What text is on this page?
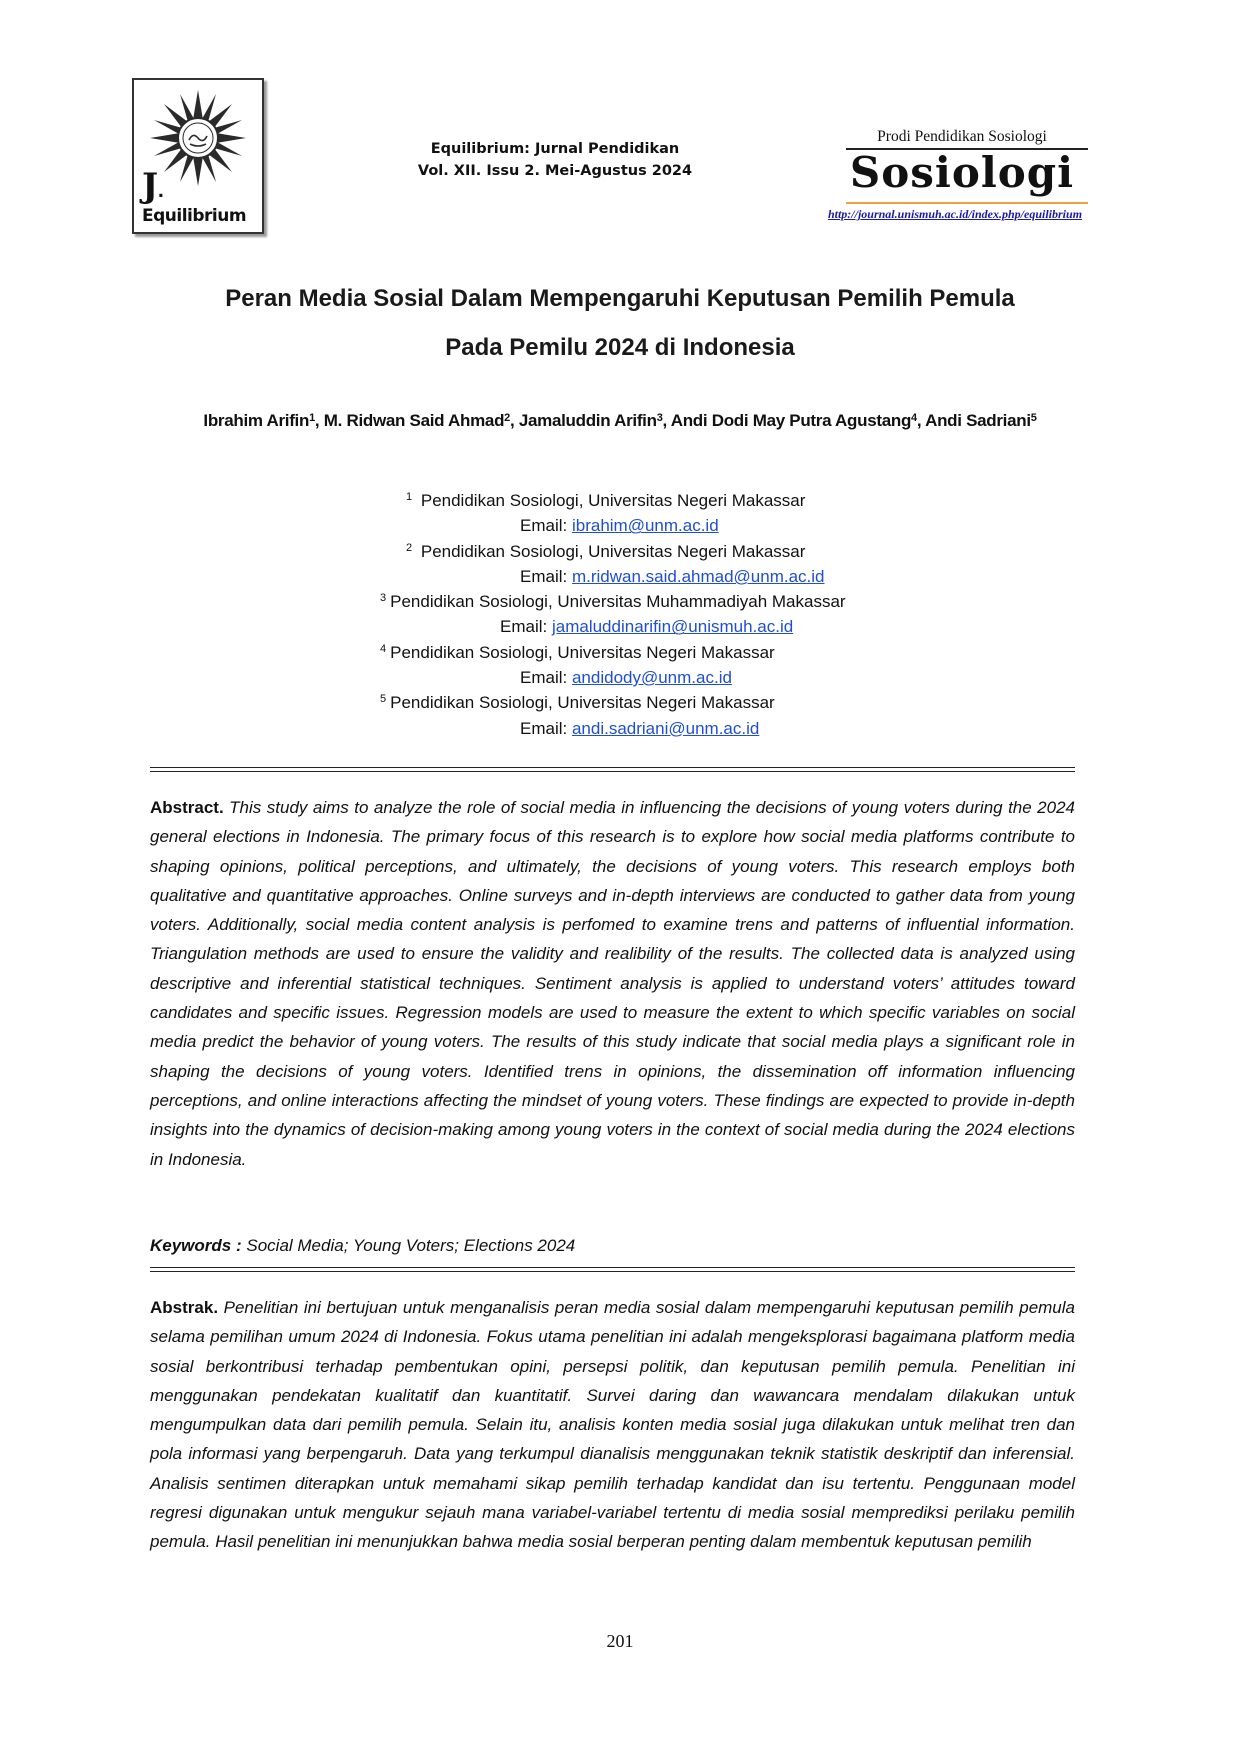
J. Equilibrium
Equilibrium: Jurnal Pendidikan
Vol. XII. Issu 2. Mei-Agustus 2024
Prodi Pendidikan Sosiologi
Sosiologi
http://journal.unismuh.ac.id/index.php/equilibrium
Peran Media Sosial Dalam Mempengaruhi Keputusan Pemilih Pemula
Pada Pemilu 2024 di Indonesia
Ibrahim Arifin$^1$, M. Ridwan Said Ahmad$^2$, Jamaluddin Arifin$^3$, Andi Dodi May Putra Agustang$^4$, Andi Sadriani$^5$
$^1$ Pendidikan Sosiologi, Universitas Negeri Makassar
Email: ibrahim@unm.ac.id
$^2$ Pendidikan Sosiologi, Universitas Negeri Makassar
Email: m.ridwan.said.ahmad@unm.ac.id
$^3$ Pendidikan Sosiologi, Universitas Muhammadiyah Makassar
Email: jamaluddinarifin@unismuh.ac.id
$^4$ Pendidikan Sosiologi, Universitas Negeri Makassar
Email: andidody@unm.ac.id
$^5$ Pendidikan Sosiologi, Universitas Negeri Makassar
Email: andi.sadriani@unm.ac.id
Abstract. This study aims to analyze the role of social media in influencing the decisions of young voters during the 2024 general elections in Indonesia. The primary focus of this research is to explore how social media platforms contribute to shaping opinions, political perceptions, and ultimately, the decisions of young voters. This research employs both qualitative and quantitative approaches. Online surveys and in-depth interviews are conducted to gather data from young voters. Additionally, social media content analysis is perfomed to examine trens and patterns of influential information. Triangulation methods are used to ensure the validity and realibility of the results. The collected data is analyzed using descriptive and inferential statistical techniques. Sentiment analysis is applied to understand voters’ attitudes toward candidates and specific issues. Regression models are used to measure the extent to which specific variables on social media predict the behavior of young voters. The results of this study indicate that social media plays a significant role in shaping the decisions of young voters. Identified trens in opinions, the dissemination off information influencing perceptions, and online interactions affecting the mindset of young voters. These findings are expected to provide in-depth insights into the dynamics of decision-making among young voters in the context of social media during the 2024 elections in Indonesia.
Keywords : Social Media; Young Voters; Elections 2024
Abstrak. Penelitian ini bertujuan untuk menganalisis peran media sosial dalam mempengaruhi keputusan pemilih pemula selama pemilihan umum 2024 di Indonesia. Fokus utama penelitian ini adalah mengeksplorasi bagaimana platform media sosial berkontribusi terhadap pembentukan opini, persepsi politik, dan keputusan pemilih pemula. Penelitian ini menggunakan pendekatan kualitatif dan kuantitatif. Survei daring dan wawancara mendalam dilakukan untuk mengumpulkan data dari pemilih pemula. Selain itu, analisis konten media sosial juga dilakukan untuk melihat tren dan pola informasi yang berpengaruh. Data yang terkumpul dianalisis menggunakan teknik statistik deskriptif dan inferensial. Analisis sentimen diterapkan untuk memahami sikap pemilih terhadap kandidat dan isu tertentu. Penggunaan model regresi digunakan untuk mengukur sejauh mana variabel-variabel tertentu di media sosial memprediksi perilaku pemilih pemula. Hasil penelitian ini menunjukkan bahwa media sosial berperan penting dalam membentuk keputusan pemilih
201
